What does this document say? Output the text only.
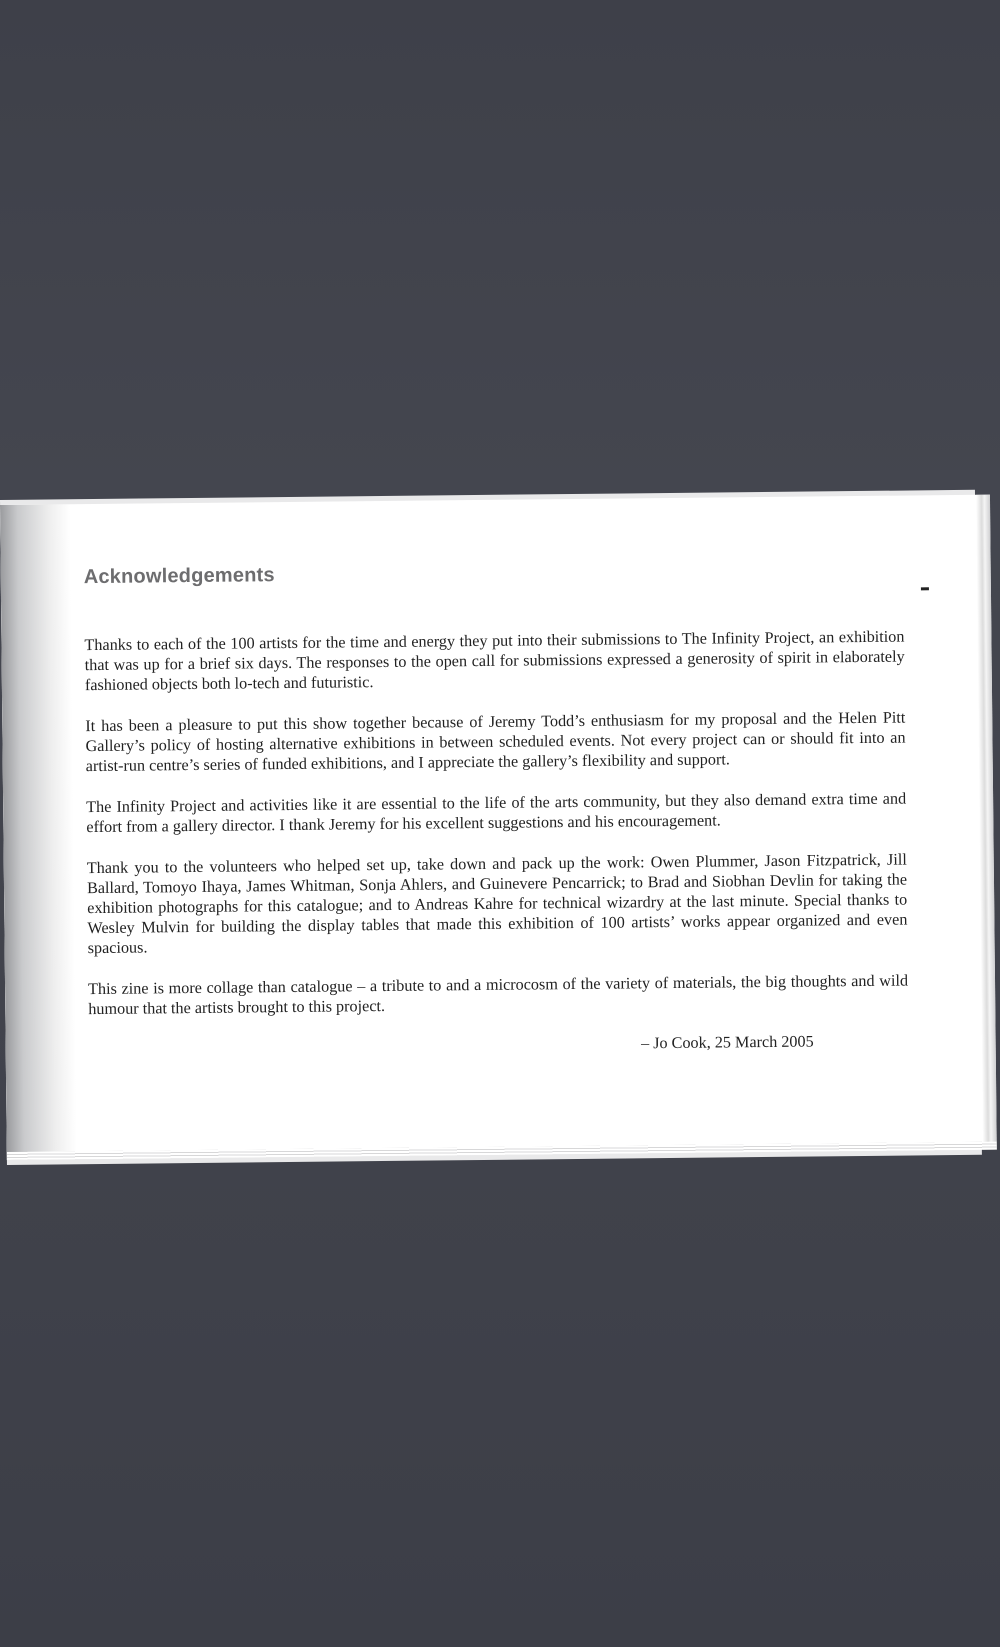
Acknowledgements

Thanks to each of the 100 artists for the time and energy they put into their submissions to The Infinity Project, an exhibition that was up for a brief six days. The responses to the open call for submissions expressed a generosity of spirit in elaborately fashioned objects both lo-tech and futuristic.

It has been a pleasure to put this show together because of Jeremy Todd’s enthusiasm for my proposal and the Helen Pitt Gallery’s policy of hosting alternative exhibitions in between scheduled events. Not every project can or should fit into an artist-run centre’s series of funded exhibitions, and I appreciate the gallery’s flexibility and support.

The Infinity Project and activities like it are essential to the life of the arts community, but they also demand extra time and effort from a gallery director. I thank Jeremy for his excellent suggestions and his encouragement.

Thank you to the volunteers who helped set up, take down and pack up the work: Owen Plummer, Jason Fitzpatrick, Jill Ballard, Tomoyo Ihaya, James Whitman, Sonja Ahlers, and Guinevere Pencarrick; to Brad and Siobhan Devlin for taking the exhibition photographs for this catalogue; and to Andreas Kahre for technical wizardry at the last minute. Special thanks to Wesley Mulvin for building the display tables that made this exhibition of 100 artists’ works appear organized and even spacious.

This zine is more collage than catalogue – a tribute to and a microcosm of the variety of materials, the big thoughts and wild humour that the artists brought to this project.

– Jo Cook, 25 March 2005
